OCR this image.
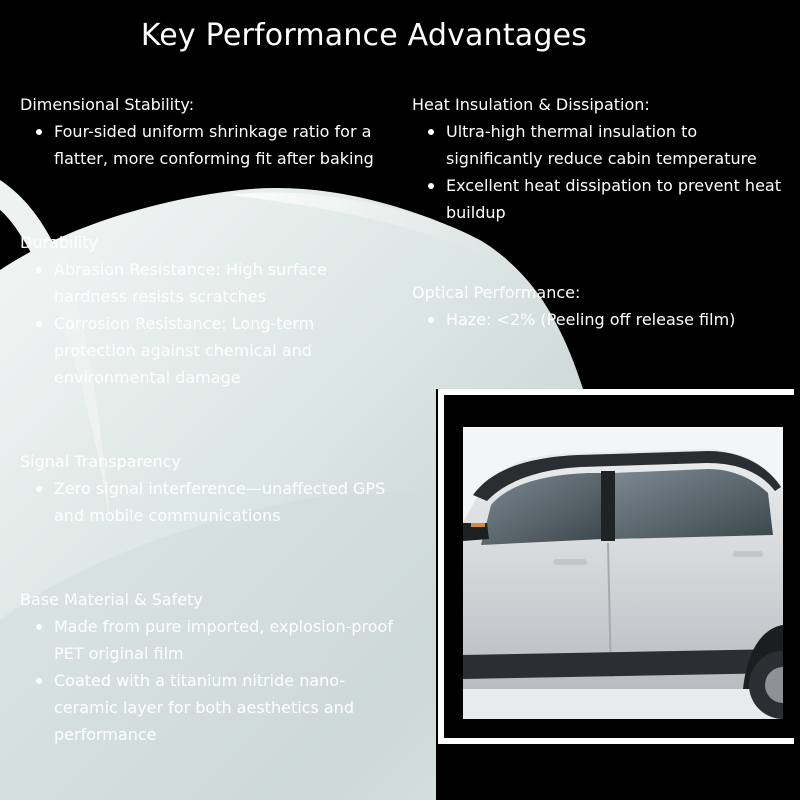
Key Performance Advantages
Dimensional Stability:
Four-sided uniform shrinkage ratio for a flatter, more conforming fit after baking
Heat Insulation & Dissipation:
Ultra-high thermal insulation to significantly reduce cabin temperature
Excellent heat dissipation to prevent heat buildup
Durability
Abrasion Resistance: High surface hardness resists scratches
Corrosion Resistance: Long-term protection against chemical and environmental damage
Optical Performance:
Haze: <2% (Peeling off release film)
Signal Transparency
Zero signal interference—unaffected GPS and mobile communications
Base Material & Safety
Made from pure imported, explosion-proof PET original film
Coated with a titanium nitride nano-ceramic layer for both aesthetics and performance
